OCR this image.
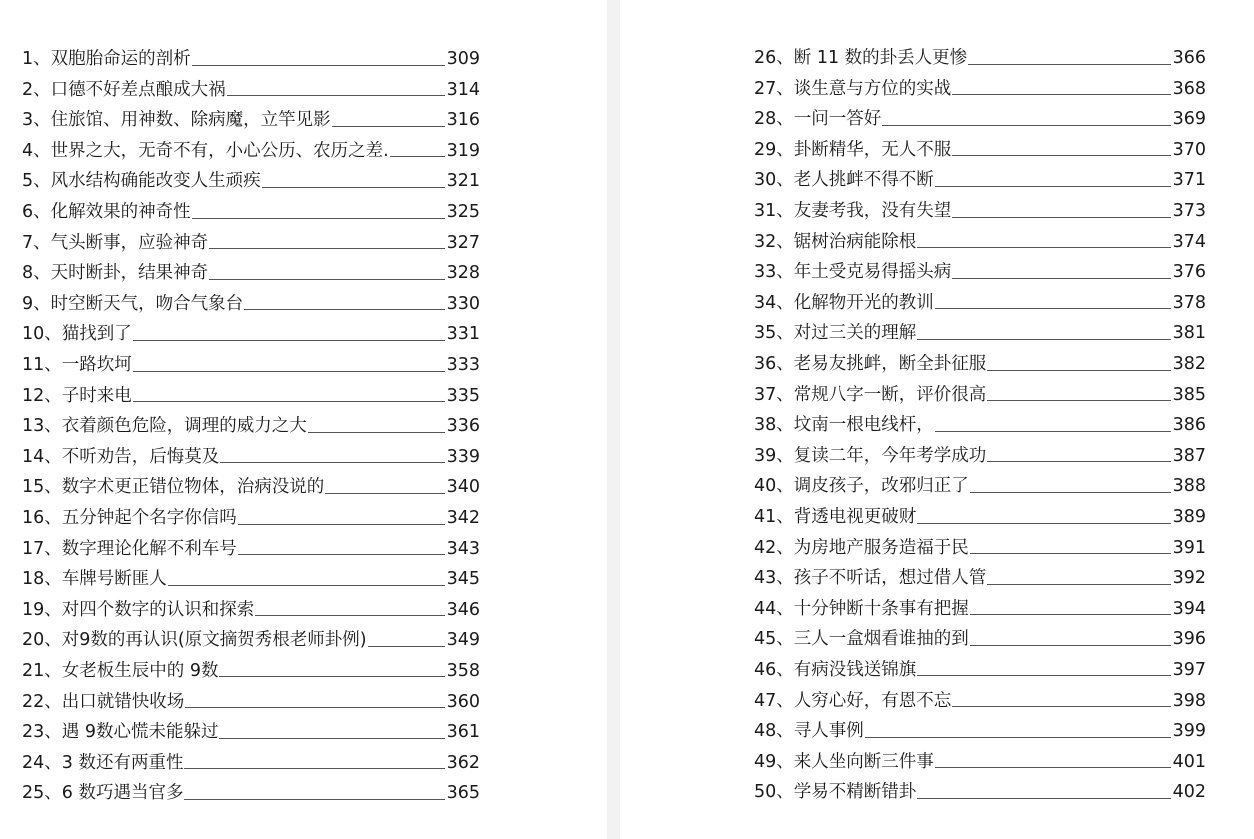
1、双胞胎命运的剖析	309
2、口德不好差点酿成大祸	314
3、住旅馆、用神数、除病魔，立竿见影	316
4、世界之大，无奇不有，小心公历、农历之差.	319
5、风水结构确能改变人生顽疾	321
6、化解效果的神奇性	325
7、气头断事，应验神奇	327
8、天时断卦，结果神奇	328
9、时空断天气，吻合气象台	330
10、猫找到了	331
11、一路坎坷	333
12、子时来电	335
13、衣着颜色危险，调理的威力之大	336
14、不听劝告，后悔莫及	339
15、数字术更正错位物体，治病没说的	340
16、五分钟起个名字你信吗	342
17、数字理论化解不利车号	343
18、车牌号断匪人	345
19、对四个数字的认识和探索	346
20、对9数的再认识(原文摘贺秀根老师卦例)	349
21、女老板生辰中的 9数	358
22、出口就错快收场	360
23、遇 9数心慌未能躲过	361
24、3 数还有两重性	362
25、6 数巧遇当官多	365
26、断 11 数的卦丢人更惨	366
27、谈生意与方位的实战	368
28、一问一答好	369
29、卦断精华，无人不服	370
30、老人挑衅不得不断	371
31、友妻考我，没有失望	373
32、锯树治病能除根	374
33、年土受克易得摇头病	376
34、化解物开光的教训	378
35、对过三关的理解	381
36、老易友挑衅，断全卦征服	382
37、常规八字一断，评价很高	385
38、坟南一根电线杆，	386
39、复读二年，今年考学成功	387
40、调皮孩子，改邪归正了	388
41、背透电视更破财	389
42、为房地产服务造福于民	391
43、孩子不听话，想过借人管	392
44、十分钟断十条事有把握	394
45、三人一盒烟看谁抽的到	396
46、有病没钱送锦旗	397
47、人穷心好，有恩不忘	398
48、寻人事例	399
49、来人坐向断三件事	401
50、学易不精断错卦	402
